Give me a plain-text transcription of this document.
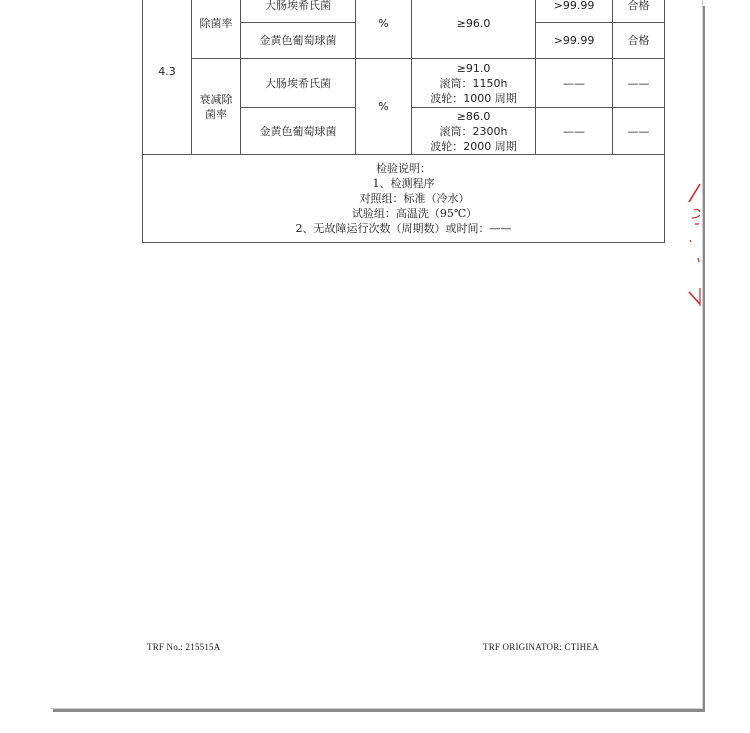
4.3	除菌率	大肠埃希氏菌	%	≥96.0	>99.99	合格
		金黄色葡萄球菌			>99.99	合格
	衰减除菌率	大肠埃希氏菌	%	≥91.0
滚筒：1150h
波轮：1000 周期	——	——
		金黄色葡萄球菌		≥86.0
滚筒：2300h
波轮：2000 周期	——	——

检验说明：
1、检测程序
对照组：标准（冷水）
试验组：高温洗（95℃）
2、无故障运行次数（周期数）或时间：——						
TRF No.: 215515A	TRF ORIGINATOR: CTIHEA
